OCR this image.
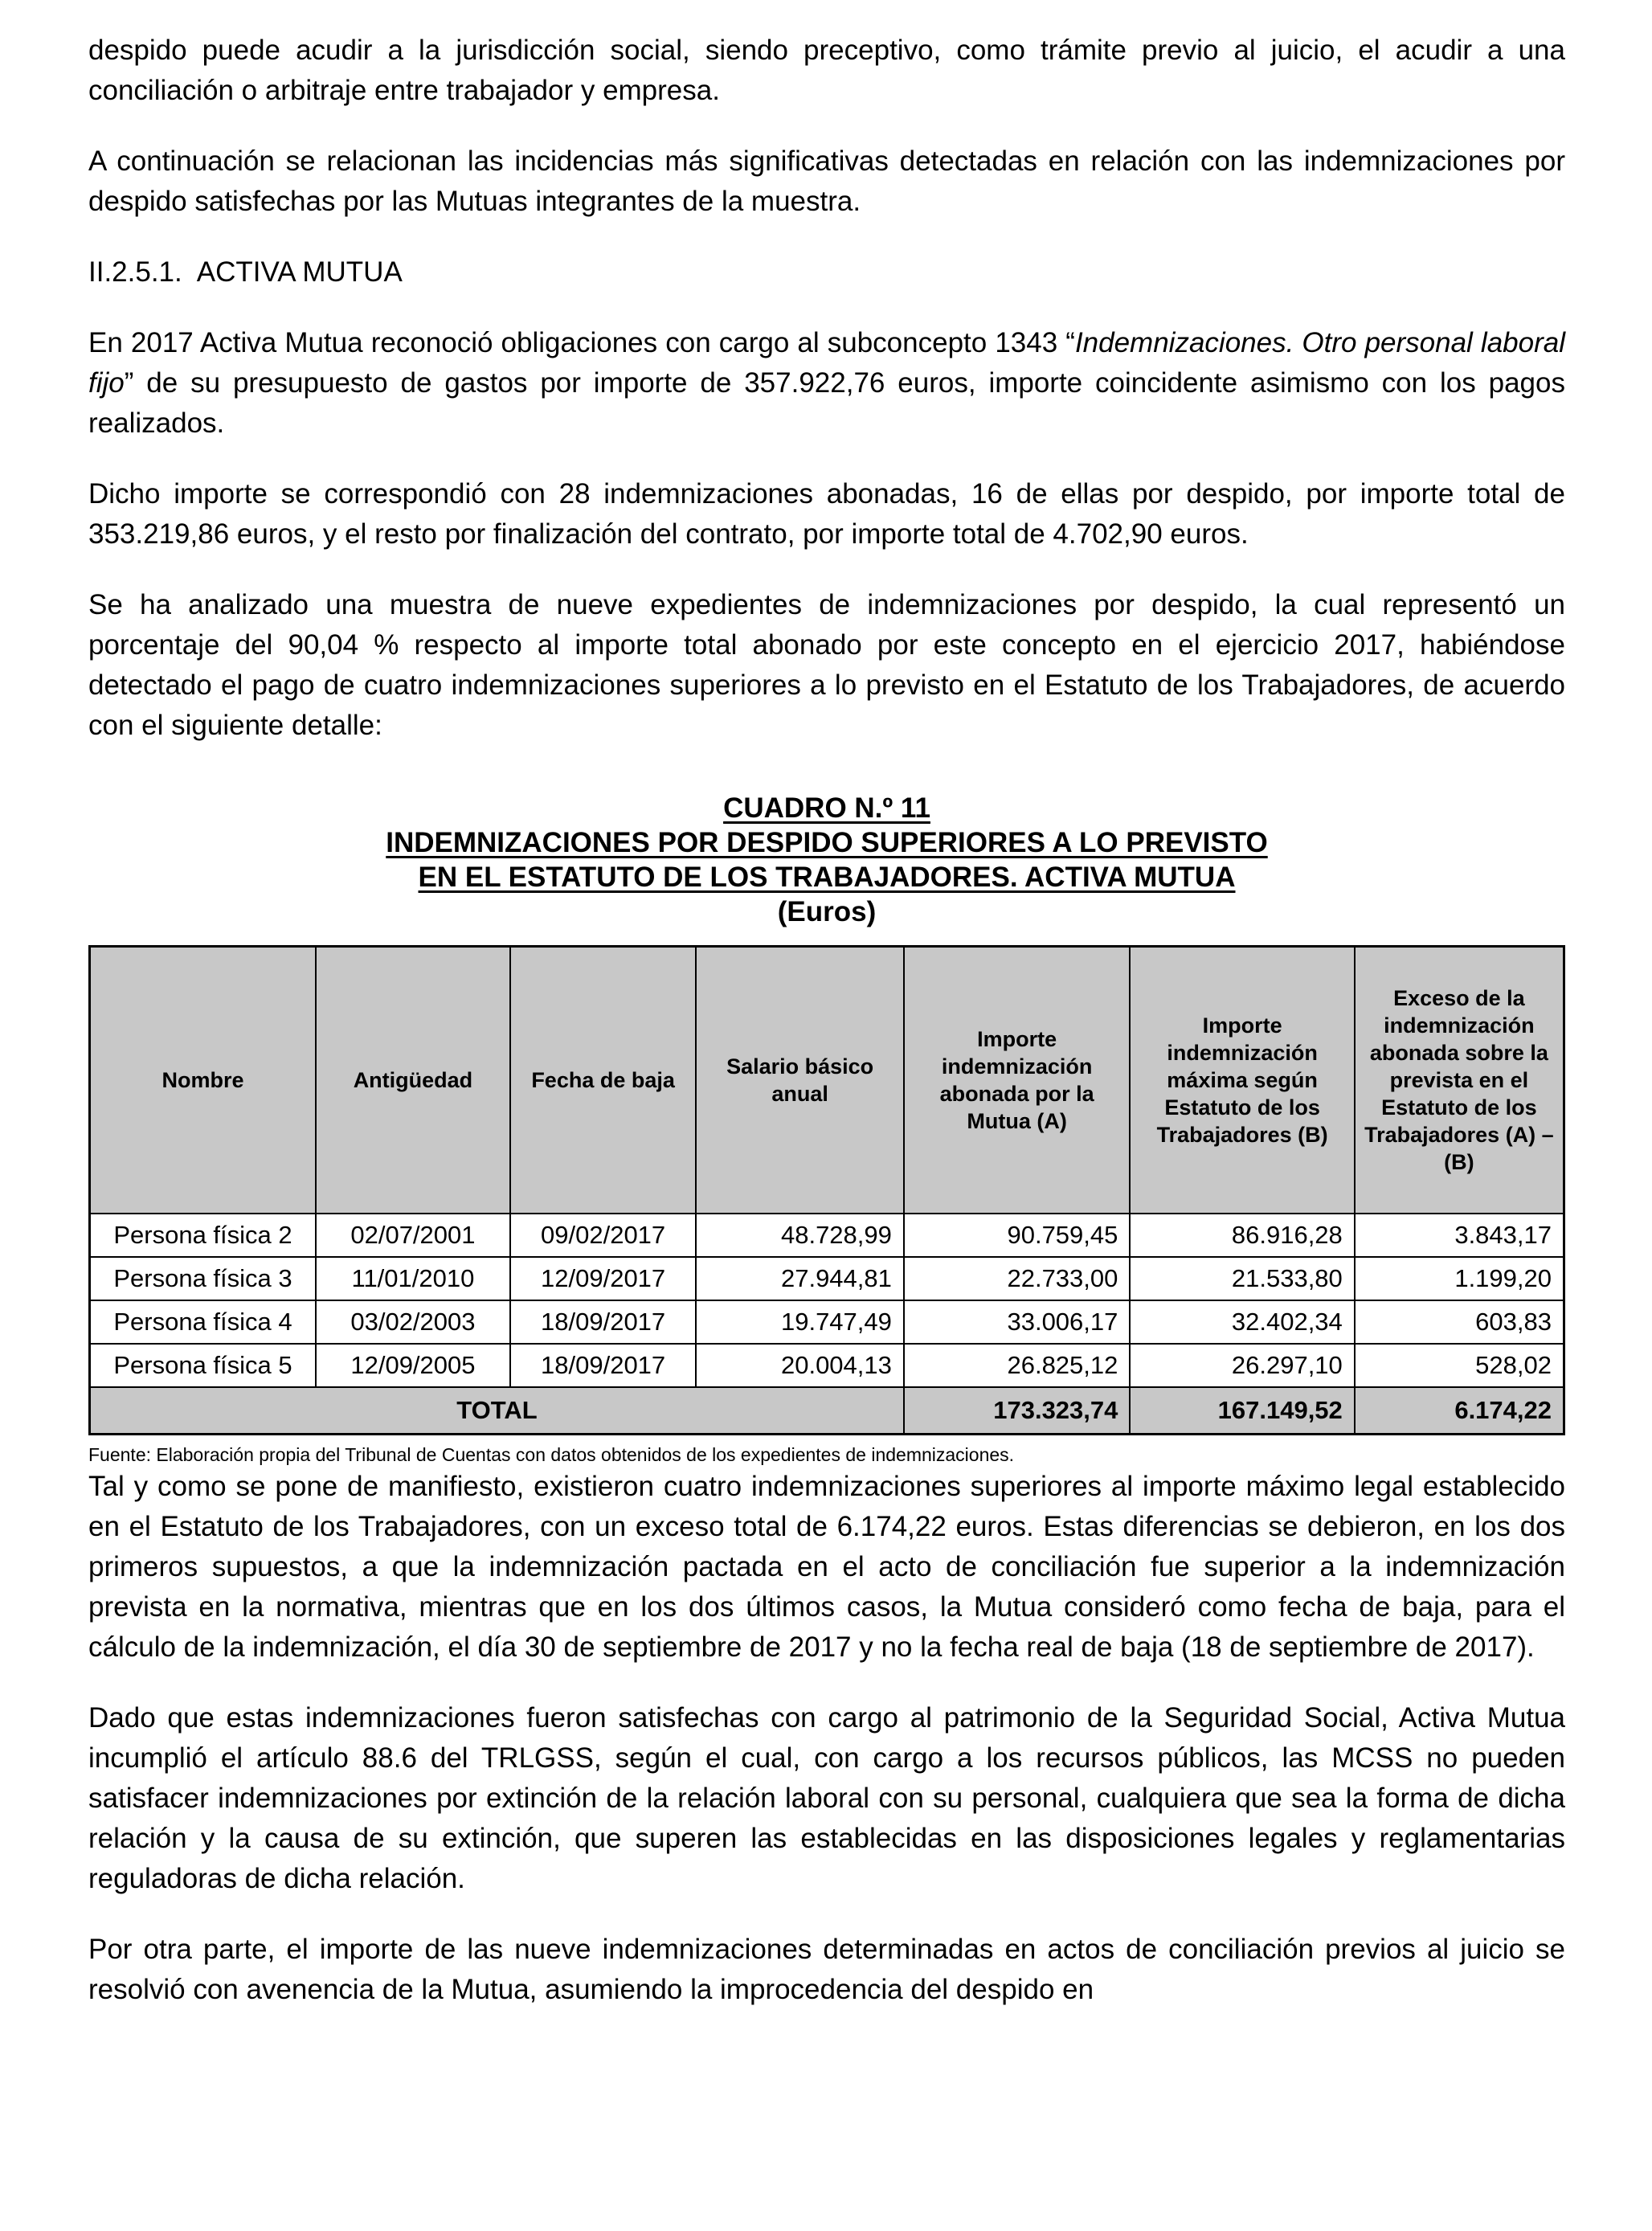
despido puede acudir a la jurisdicción social, siendo preceptivo, como trámite previo al juicio, el acudir a una conciliación o arbitraje entre trabajador y empresa.

A continuación se relacionan las incidencias más significativas detectadas en relación con las indemnizaciones por despido satisfechas por las Mutuas integrantes de la muestra.

II.2.5.1. ACTIVA MUTUA

En 2017 Activa Mutua reconoció obligaciones con cargo al subconcepto 1343 “Indemnizaciones. Otro personal laboral fijo” de su presupuesto de gastos por importe de 357.922,76 euros, importe coincidente asimismo con los pagos realizados.

Dicho importe se correspondió con 28 indemnizaciones abonadas, 16 de ellas por despido, por importe total de 353.219,86 euros, y el resto por finalización del contrato, por importe total de 4.702,90 euros.

Se ha analizado una muestra de nueve expedientes de indemnizaciones por despido, la cual representó un porcentaje del 90,04 % respecto al importe total abonado por este concepto en el ejercicio 2017, habiéndose detectado el pago de cuatro indemnizaciones superiores a lo previsto en el Estatuto de los Trabajadores, de acuerdo con el siguiente detalle:

CUADRO N.º 11
INDEMNIZACIONES POR DESPIDO SUPERIORES A LO PREVISTO
EN EL ESTATUTO DE LOS TRABAJADORES. ACTIVA MUTUA
(Euros)
Nombre	Antigüedad	Fecha de baja	Salario básico anual	Importe indemnización abonada por la Mutua (A)	Importe indemnización máxima según Estatuto de los Trabajadores (B)	Exceso de la indemnización abonada sobre la prevista en el Estatuto de los Trabajadores (A) – (B)
Persona física 2	02/07/2001	09/02/2017	48.728,99	90.759,45	86.916,28	3.843,17
Persona física 3	11/01/2010	12/09/2017	27.944,81	22.733,00	21.533,80	1.199,20
Persona física 4	03/02/2003	18/09/2017	19.747,49	33.006,17	32.402,34	603,83
Persona física 5	12/09/2005	18/09/2017	20.004,13	26.825,12	26.297,10	528,02
TOTAL				173.323,74	167.149,52	6.174,22
Fuente: Elaboración propia del Tribunal de Cuentas con datos obtenidos de los expedientes de indemnizaciones.

Tal y como se pone de manifiesto, existieron cuatro indemnizaciones superiores al importe máximo legal establecido en el Estatuto de los Trabajadores, con un exceso total de 6.174,22 euros. Estas diferencias se debieron, en los dos primeros supuestos, a que la indemnización pactada en el acto de conciliación fue superior a la indemnización prevista en la normativa, mientras que en los dos últimos casos, la Mutua consideró como fecha de baja, para el cálculo de la indemnización, el día 30 de septiembre de 2017 y no la fecha real de baja (18 de septiembre de 2017).

Dado que estas indemnizaciones fueron satisfechas con cargo al patrimonio de la Seguridad Social, Activa Mutua incumplió el artículo 88.6 del TRLGSS, según el cual, con cargo a los recursos públicos, las MCSS no pueden satisfacer indemnizaciones por extinción de la relación laboral con su personal, cualquiera que sea la forma de dicha relación y la causa de su extinción, que superen las establecidas en las disposiciones legales y reglamentarias reguladoras de dicha relación.

Por otra parte, el importe de las nueve indemnizaciones determinadas en actos de conciliación previos al juicio se resolvió con avenencia de la Mutua, asumiendo la improcedencia del despido en
